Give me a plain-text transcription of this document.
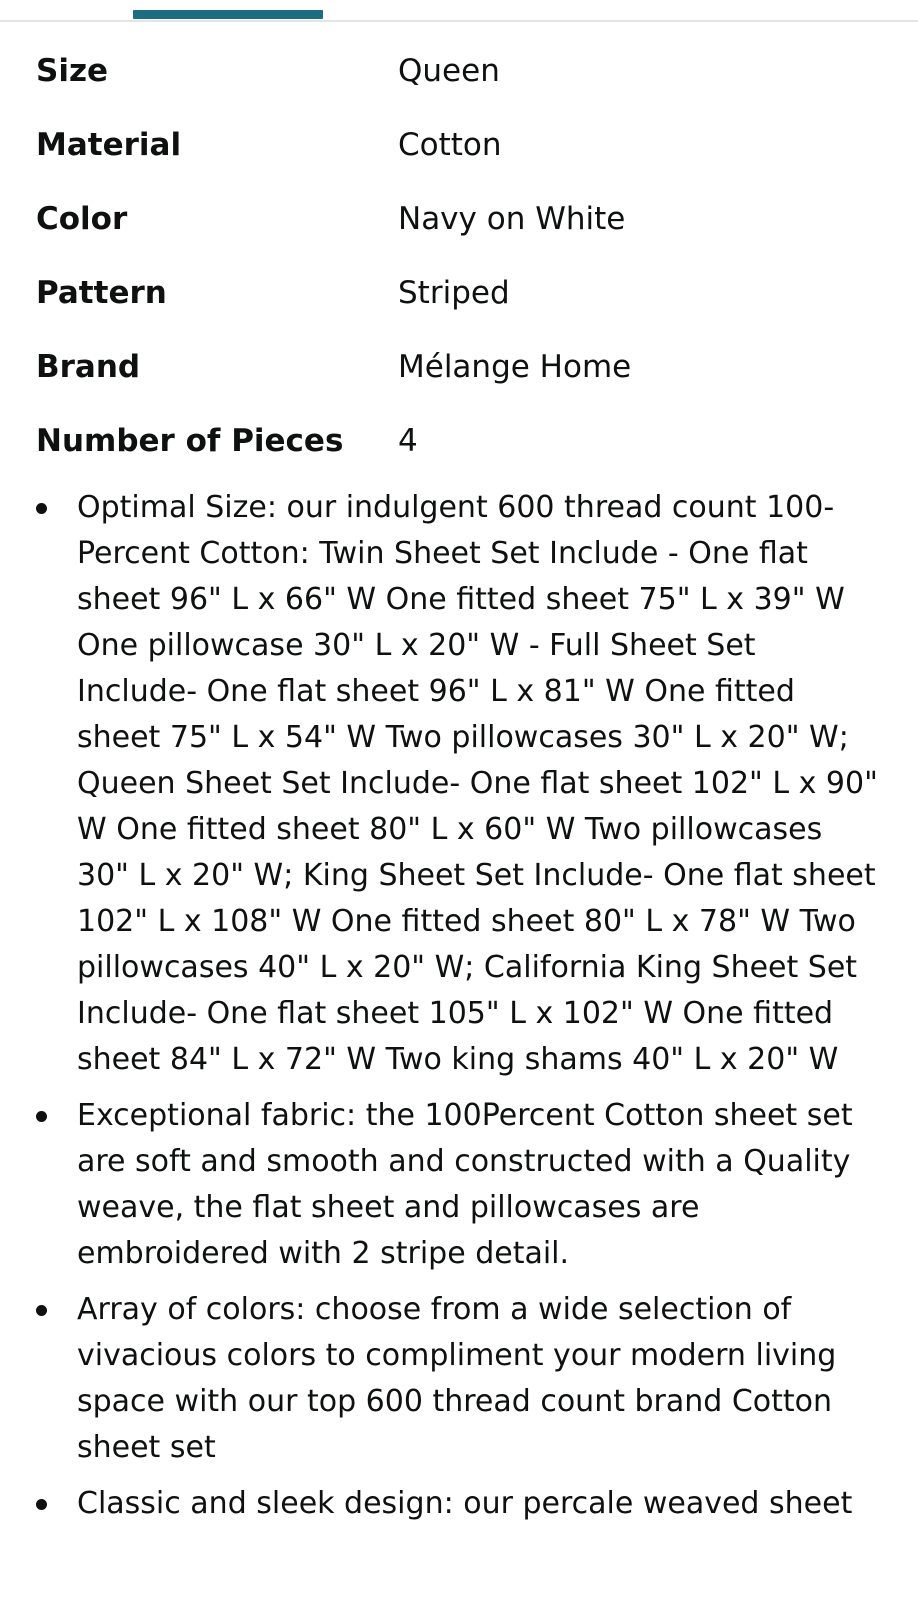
Size	Queen
Material	Cotton
Color	Navy on White
Pattern	Striped
Brand	Mélange Home
Number of Pieces	4
Optimal Size: our indulgent 600 thread count 100-Percent Cotton: Twin Sheet Set Include - One flat sheet 96" L x 66" W One fitted sheet 75" L x 39" W One pillowcase 30" L x 20" W - Full Sheet Set Include- One flat sheet 96" L x 81" W One fitted sheet 75" L x 54" W Two pillowcases 30" L x 20" W; Queen Sheet Set Include- One flat sheet 102" L x 90" W One fitted sheet 80" L x 60" W Two pillowcases 30" L x 20" W; King Sheet Set Include- One flat sheet 102" L x 108" W One fitted sheet 80" L x 78" W Two pillowcases 40" L x 20" W; California King Sheet Set Include- One flat sheet 105" L x 102" W One fitted sheet 84" L x 72" W Two king shams 40" L x 20" W
Exceptional fabric: the 100Percent Cotton sheet set are soft and smooth and constructed with a Quality weave, the flat sheet and pillowcases are embroidered with 2 stripe detail.
Array of colors: choose from a wide selection of vivacious colors to compliment your modern living space with our top 600 thread count brand Cotton sheet set
Classic and sleek design: our percale weaved sheet
